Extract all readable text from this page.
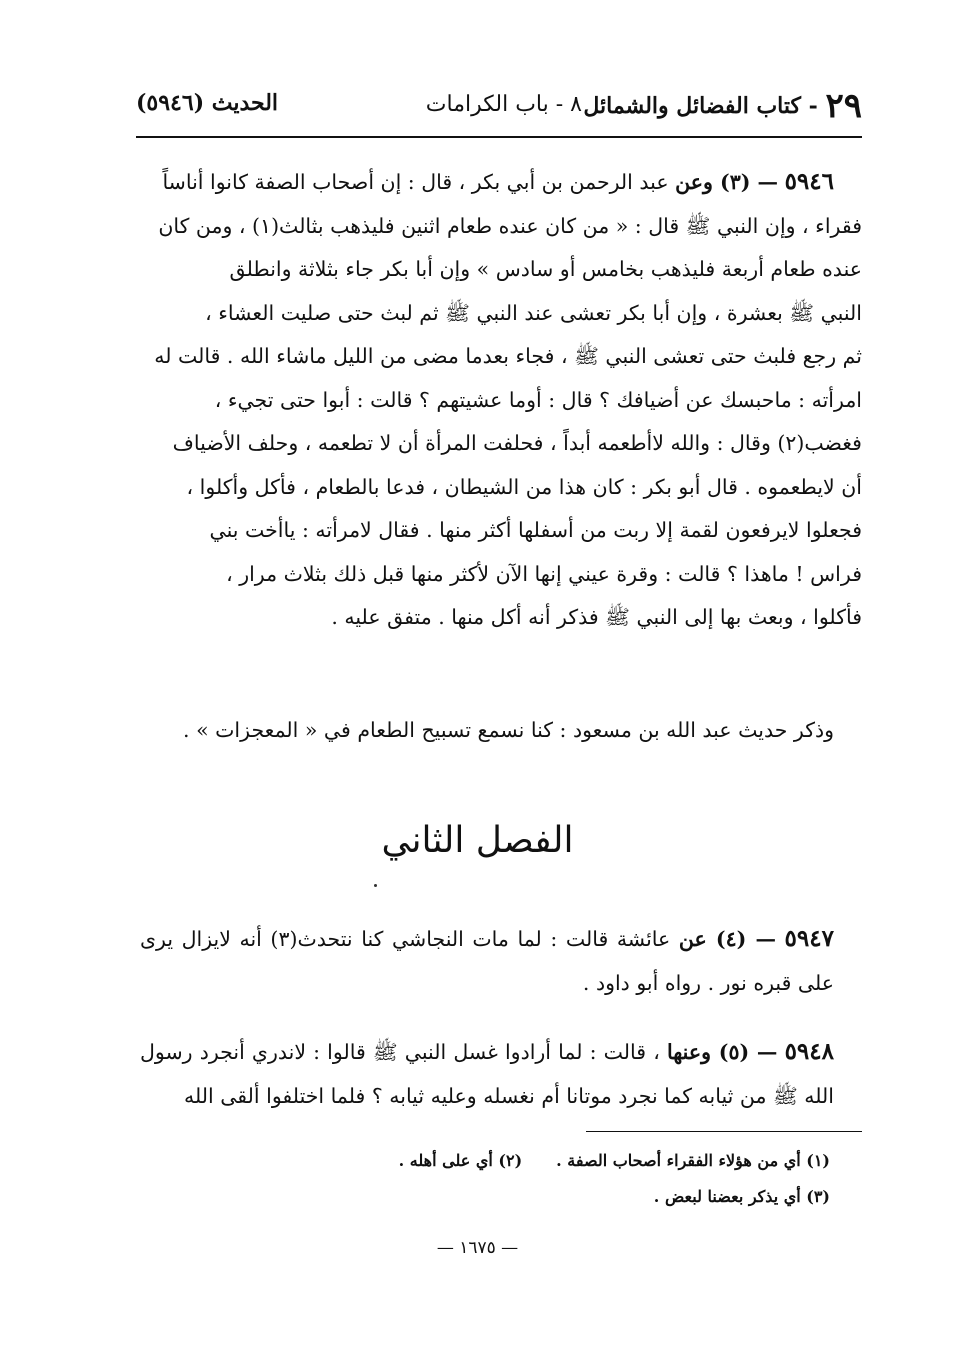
٢٩ - كتاب الفضائل والشمائل
٨ - باب الكرامات
الحديث (٥٩٤٦)

٥٩٤٦ — (٣) وعن عبد الرحمن بن أبي بكر ، قال : إن أصحاب الصفة كانوا أناساً

فقراء ، وإن النبي ﷺ قال : « من كان عنده طعام اثنين فليذهب بثالث(١) ، ومن كان

عنده طعام أربعة فليذهب بخامس أو سادس » وإن أبا بكر جاء بثلاثة وانطلق

النبي ﷺ بعشرة ، وإن أبا بكر تعشى عند النبي ﷺ ثم لبث حتى صليت العشاء ،

ثم رجع فلبث حتى تعشى النبي ﷺ ، فجاء بعدما مضى من الليل ماشاء الله . قالت له

امرأته : ماحبسك عن أضيافك ؟ قال : أوما عشيتهم ؟ قالت : أبوا حتى تجيء ،

فغضب(٢) وقال : والله لاأطعمه أبداً ، فحلفت المرأة أن لا تطعمه ، وحلف الأضياف

أن لايطعموه . قال أبو بكر : كان هذا من الشيطان ، فدعا بالطعام ، فأكل وأكلوا ،

فجعلوا لايرفعون لقمة إلا ربت من أسفلها أكثر منها . فقال لامرأته : ياأخت بني

فراس ! ماهذا ؟ قالت : وقرة عيني إنها الآن لأكثر منها قبل ذلك بثلاث مرار ،

فأكلوا ، وبعث بها إلى النبي ﷺ فذكر أنه أكل منها . متفق عليه .

وذكر حديث عبد الله بن مسعود : كنا نسمع تسبيح الطعام في « المعجزات » .

الفصل الثاني

٥٩٤٧ — (٤) عن عائشة قالت : لما مات النجاشي كنا نتحدث(٣) أنه لايزال يرى على قبره نور . رواه أبو داود .

٥٩٤٨ — (٥) وعنها ، قالت : لما أرادوا غسل النبي ﷺ قالوا : لاندري أنجرد رسول الله ﷺ من ثيابه كما نجرد موتانا أم نغسله وعليه ثيابه ؟ فلما اختلفوا ألقى الله

(١) أي من هؤلاء الفقراء أصحاب الصفة .(٢) أي على أهله .
(٣) أي يذكر بعضنا لبعض .
— ١٦٧٥ —
